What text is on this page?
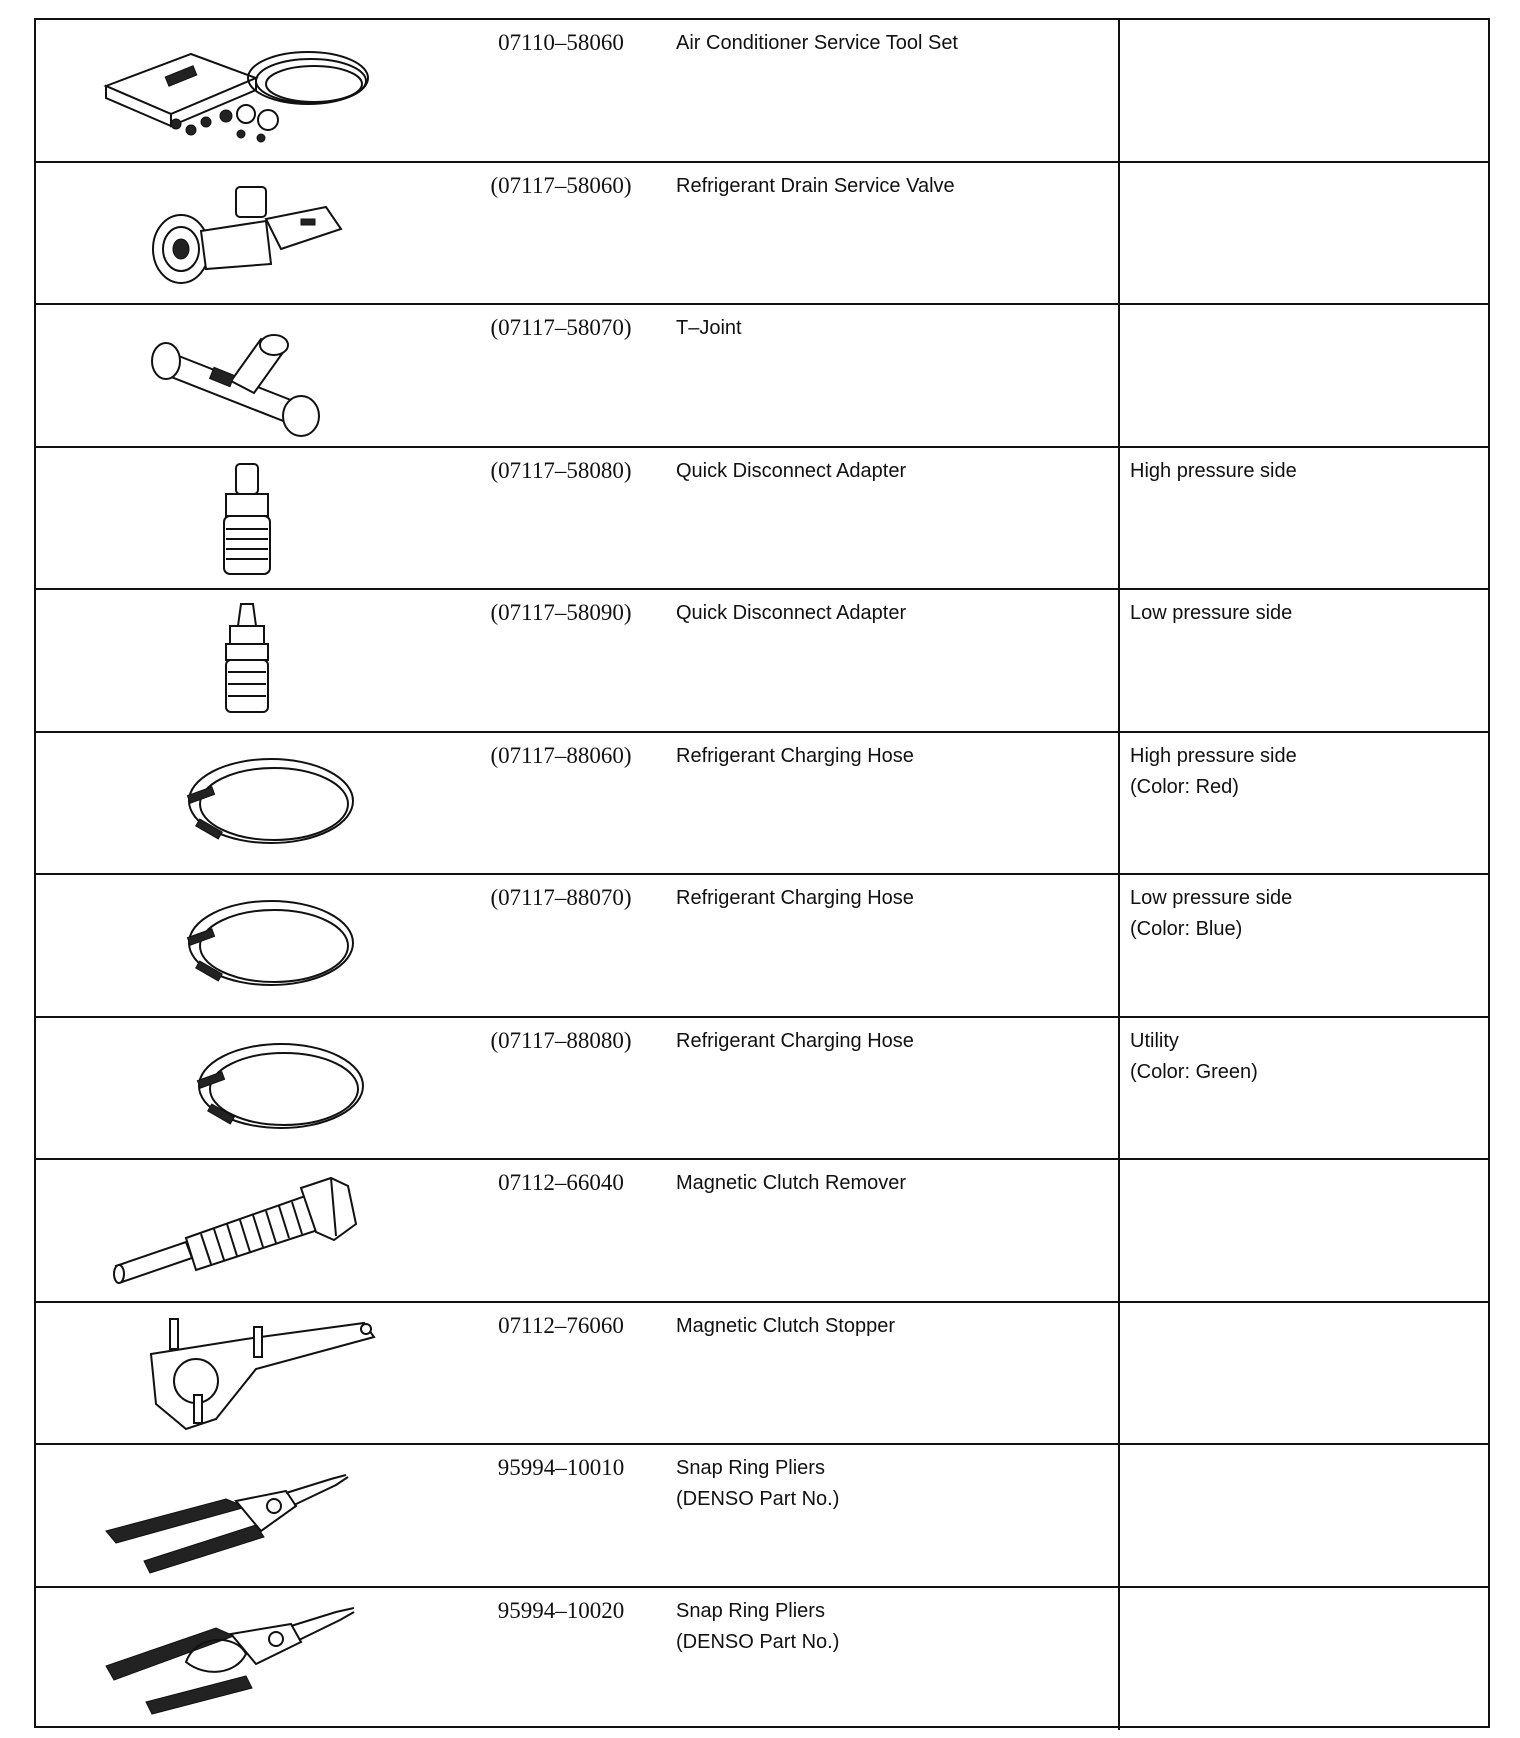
07110–58060	Air Conditioner Service Tool Set
(07117–58060)	Refrigerant Drain Service Valve
(07117–58070)	T–Joint
(07117–58080)	Quick Disconnect Adapter	High pressure side
(07117–58090)	Quick Disconnect Adapter	Low pressure side
(07117–88060)	Refrigerant Charging Hose	High pressure side
(Color: Red)
(07117–88070)	Refrigerant Charging Hose	Low pressure side
(Color: Blue)
(07117–88080)	Refrigerant Charging Hose	Utility
(Color: Green)
07112–66040	Magnetic Clutch Remover
07112–76060	Magnetic Clutch Stopper
95994–10010	Snap Ring Pliers
(DENSO Part No.)
95994–10020	Snap Ring Pliers
(DENSO Part No.)
